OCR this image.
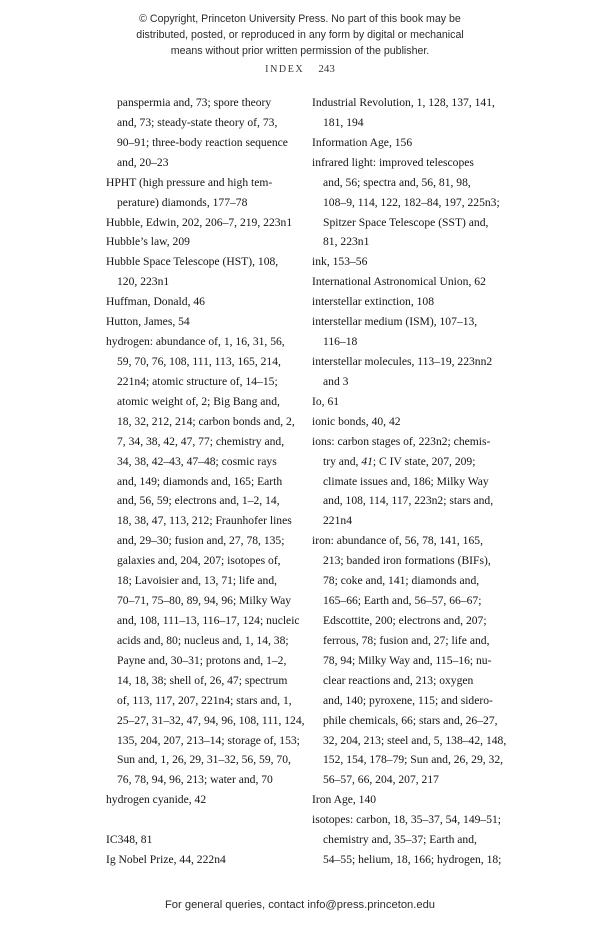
© Copyright, Princeton University Press. No part of this book may be
distributed, posted, or reproduced in any form by digital or mechanical
means without prior written permission of the publisher.
INDEX 243
panspermia and, 73; spore theory
and, 73; steady-state theory of, 73,
90–91; three-body reaction sequence
and, 20–23
HPHT (high pressure and high tem-
perature) diamonds, 177–78
Hubble, Edwin, 202, 206–7, 219, 223n1
Hubble’s law, 209
Hubble Space Telescope (HST), 108,
120, 223n1
Huffman, Donald, 46
Hutton, James, 54
hydrogen: abundance of, 1, 16, 31, 56,
59, 70, 76, 108, 111, 113, 165, 214,
221n4; atomic structure of, 14–15;
atomic weight of, 2; Big Bang and,
18, 32, 212, 214; carbon bonds and, 2,
7, 34, 38, 42, 47, 77; chemistry and,
34, 38, 42–43, 47–48; cosmic rays
and, 149; diamonds and, 165; Earth
and, 56, 59; electrons and, 1–2, 14,
18, 38, 47, 113, 212; Fraunhofer lines
and, 29–30; fusion and, 27, 78, 135;
galaxies and, 204, 207; isotopes of,
18; Lavoisier and, 13, 71; life and,
70–71, 75–80, 89, 94, 96; Milky Way
and, 108, 111–13, 116–17, 124; nucleic
acids and, 80; nucleus and, 1, 14, 38;
Payne and, 30–31; protons and, 1–2,
14, 18, 38; shell of, 26, 47; spectrum
of, 113, 117, 207, 221n4; stars and, 1,
25–27, 31–32, 47, 94, 96, 108, 111, 124,
135, 204, 207, 213–14; storage of, 153;
Sun and, 1, 26, 29, 31–32, 56, 59, 70,
76, 78, 94, 96, 213; water and, 70
hydrogen cyanide, 42
IC348, 81
Ig Nobel Prize, 44, 222n4
Industrial Revolution, 1, 128, 137, 141,
181, 194
Information Age, 156
infrared light: improved telescopes
and, 56; spectra and, 56, 81, 98,
108–9, 114, 122, 182–84, 197, 225n3;
Spitzer Space Telescope (SST) and,
81, 223n1
ink, 153–56
International Astronomical Union, 62
interstellar extinction, 108
interstellar medium (ISM), 107–13,
116–18
interstellar molecules, 113–19, 223nn2
and 3
Io, 61
ionic bonds, 40, 42
ions: carbon stages of, 223n2; chemis-
try and, 41; C IV state, 207, 209;
climate issues and, 186; Milky Way
and, 108, 114, 117, 223n2; stars and,
221n4
iron: abundance of, 56, 78, 141, 165,
213; banded iron formations (BIFs),
78; coke and, 141; diamonds and,
165–66; Earth and, 56–57, 66–67;
Edscottite, 200; electrons and, 207;
ferrous, 78; fusion and, 27; life and,
78, 94; Milky Way and, 115–16; nu-
clear reactions and, 213; oxygen
and, 140; pyroxene, 115; and sidero-
phile chemicals, 66; stars and, 26–27,
32, 204, 213; steel and, 5, 138–42, 148,
152, 154, 178–79; Sun and, 26, 29, 32,
56–57, 66, 204, 207, 217
Iron Age, 140
isotopes: carbon, 18, 35–37, 54, 149–51;
chemistry and, 35–37; Earth and,
54–55; helium, 18, 166; hydrogen, 18;
For general queries, contact info@press.princeton.edu
